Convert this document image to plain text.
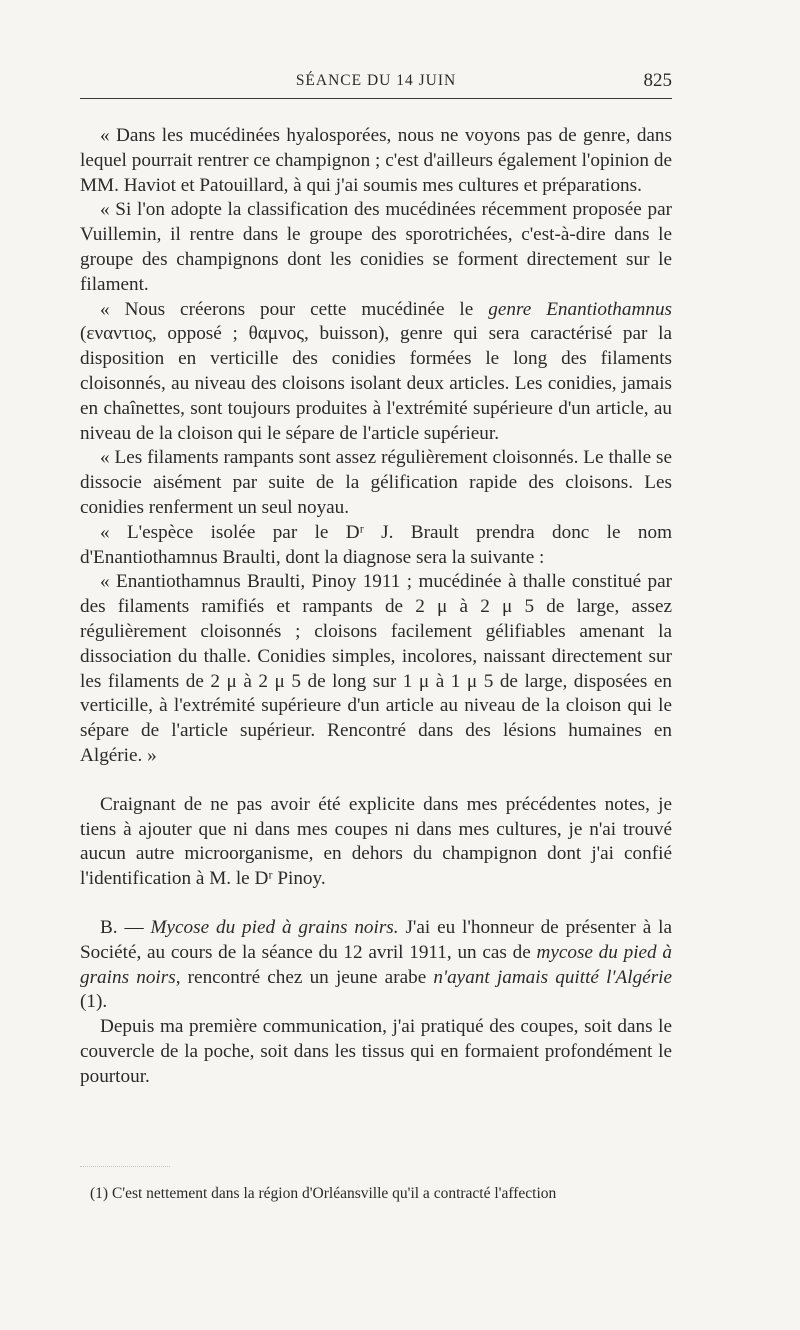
SÉANCE DU 14 JUIN	825

« Dans les mucédinées hyalosporées, nous ne voyons pas de genre, dans lequel pourrait rentrer ce champignon ; c'est d'ailleurs également l'opinion de MM. Haviot et Patouillard, à qui j'ai soumis mes cultures et préparations.

« Si l'on adopte la classification des mucédinées récemment proposée par Vuillemin, il rentre dans le groupe des sporotrichées, c'est-à-dire dans le groupe des champignons dont les conidies se forment directement sur le filament.

« Nous créerons pour cette mucédinée le genre Enantiothamnus (εναντιος, opposé ; θαμνος, buisson), genre qui sera caractérisé par la disposition en verticille des conidies formées le long des filaments cloisonnés, au niveau des cloisons isolant deux articles. Les conidies, jamais en chaînettes, sont toujours produites à l'extrémité supérieure d'un article, au niveau de la cloison qui le sépare de l'article supérieur.

« Les filaments rampants sont assez régulièrement cloisonnés. Le thalle se dissocie aisément par suite de la gélification rapide des cloisons. Les conidies renferment un seul noyau.

« L'espèce isolée par le Dʳ J. Brault prendra donc le nom d'Enantiothamnus Braulti, dont la diagnose sera la suivante :

« Enantiothamnus Braulti, Pinoy 1911 ; mucédinée à thalle constitué par des filaments ramifiés et rampants de 2 μ à 2 μ 5 de large, assez régulièrement cloisonnés ; cloisons facilement gélifiables amenant la dissociation du thalle. Conidies simples, incolores, naissant directement sur les filaments de 2 μ à 2 μ 5 de long sur 1 μ à 1 μ 5 de large, disposées en verticille, à l'extrémité supérieure d'un article au niveau de la cloison qui le sépare de l'article supérieur. Rencontré dans des lésions humaines en Algérie. »

Craignant de ne pas avoir été explicite dans mes précédentes notes, je tiens à ajouter que ni dans mes coupes ni dans mes cultures, je n'ai trouvé aucun autre microorganisme, en dehors du champignon dont j'ai confié l'identification à M. le Dʳ Pinoy.

B. — Mycose du pied à grains noirs. J'ai eu l'honneur de présenter à la Société, au cours de la séance du 12 avril 1911, un cas de mycose du pied à grains noirs, rencontré chez un jeune arabe n'ayant jamais quitté l'Algérie (1).

Depuis ma première communication, j'ai pratiqué des coupes, soit dans le couvercle de la poche, soit dans les tissus qui en formaient profondément le pourtour.

(1) C'est nettement dans la région d'Orléansville qu'il a contracté l'affection
